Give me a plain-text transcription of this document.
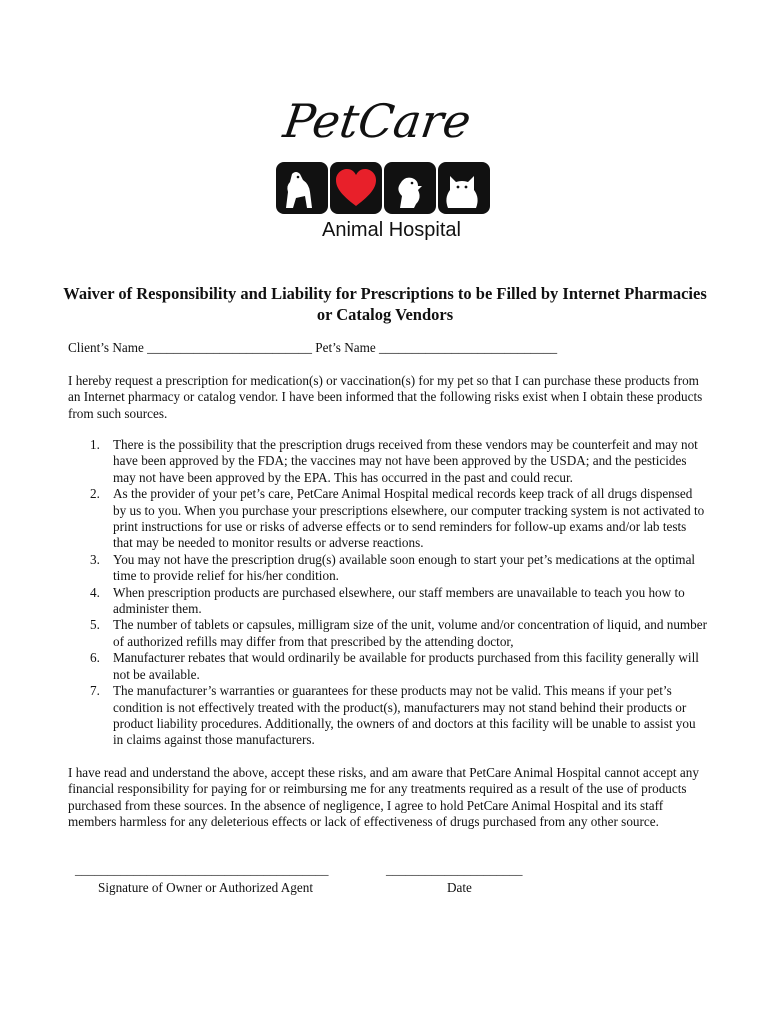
PetCare
Animal Hospital
Waiver of Responsibility and Liability for Prescriptions to be Filled by Internet Pharmacies or Catalog Vendors
Client’s Name _________________________ Pet’s Name ___________________________
I hereby request a prescription for medication(s) or vaccination(s) for my pet so that I can purchase these products from an Internet pharmacy or catalog vendor. I have been informed that the following risks exist when I obtain these products from such sources.
1. There is the possibility that the prescription drugs received from these vendors may be counterfeit and may not have been approved by the FDA; the vaccines may not have been approved by the USDA; and the pesticides may not have been approved by the EPA. This has occurred in the past and could recur.
2. As the provider of your pet’s care, PetCare Animal Hospital medical records keep track of all drugs dispensed by us to you. When you purchase your prescriptions elsewhere, our computer tracking system is not activated to print instructions for use or risks of adverse effects or to send reminders for follow-up exams and/or lab tests that may be needed to monitor results or adverse reactions.
3. You may not have the prescription drug(s) available soon enough to start your pet’s medications at the optimal time to provide relief for his/her condition.
4. When prescription products are purchased elsewhere, our staff members are unavailable to teach you how to administer them.
5. The number of tablets or capsules, milligram size of the unit, volume and/or concentration of liquid, and number of authorized refills may differ from that prescribed by the attending doctor,
6. Manufacturer rebates that would ordinarily be available for products purchased from this facility generally will not be available.
7. The manufacturer’s warranties or guarantees for these products may not be valid. This means if your pet’s condition is not effectively treated with the product(s), manufacturers may not stand behind their products or product liability procedures. Additionally, the owners of and doctors at this facility will be unable to assist you in claims against those manufacturers.
I have read and understand the above, accept these risks, and am aware that PetCare Animal Hospital cannot accept any financial responsibility for paying for or reimbursing me for any treatments required as a result of the use of products purchased from these sources. In the absence of negligence, I agree to hold PetCare Animal Hospital and its staff members harmless for any deleterious effects or lack of effectiveness of drugs purchased from any other source.
_______________________________________
Signature of Owner or Authorized Agent
_____________________
Date
